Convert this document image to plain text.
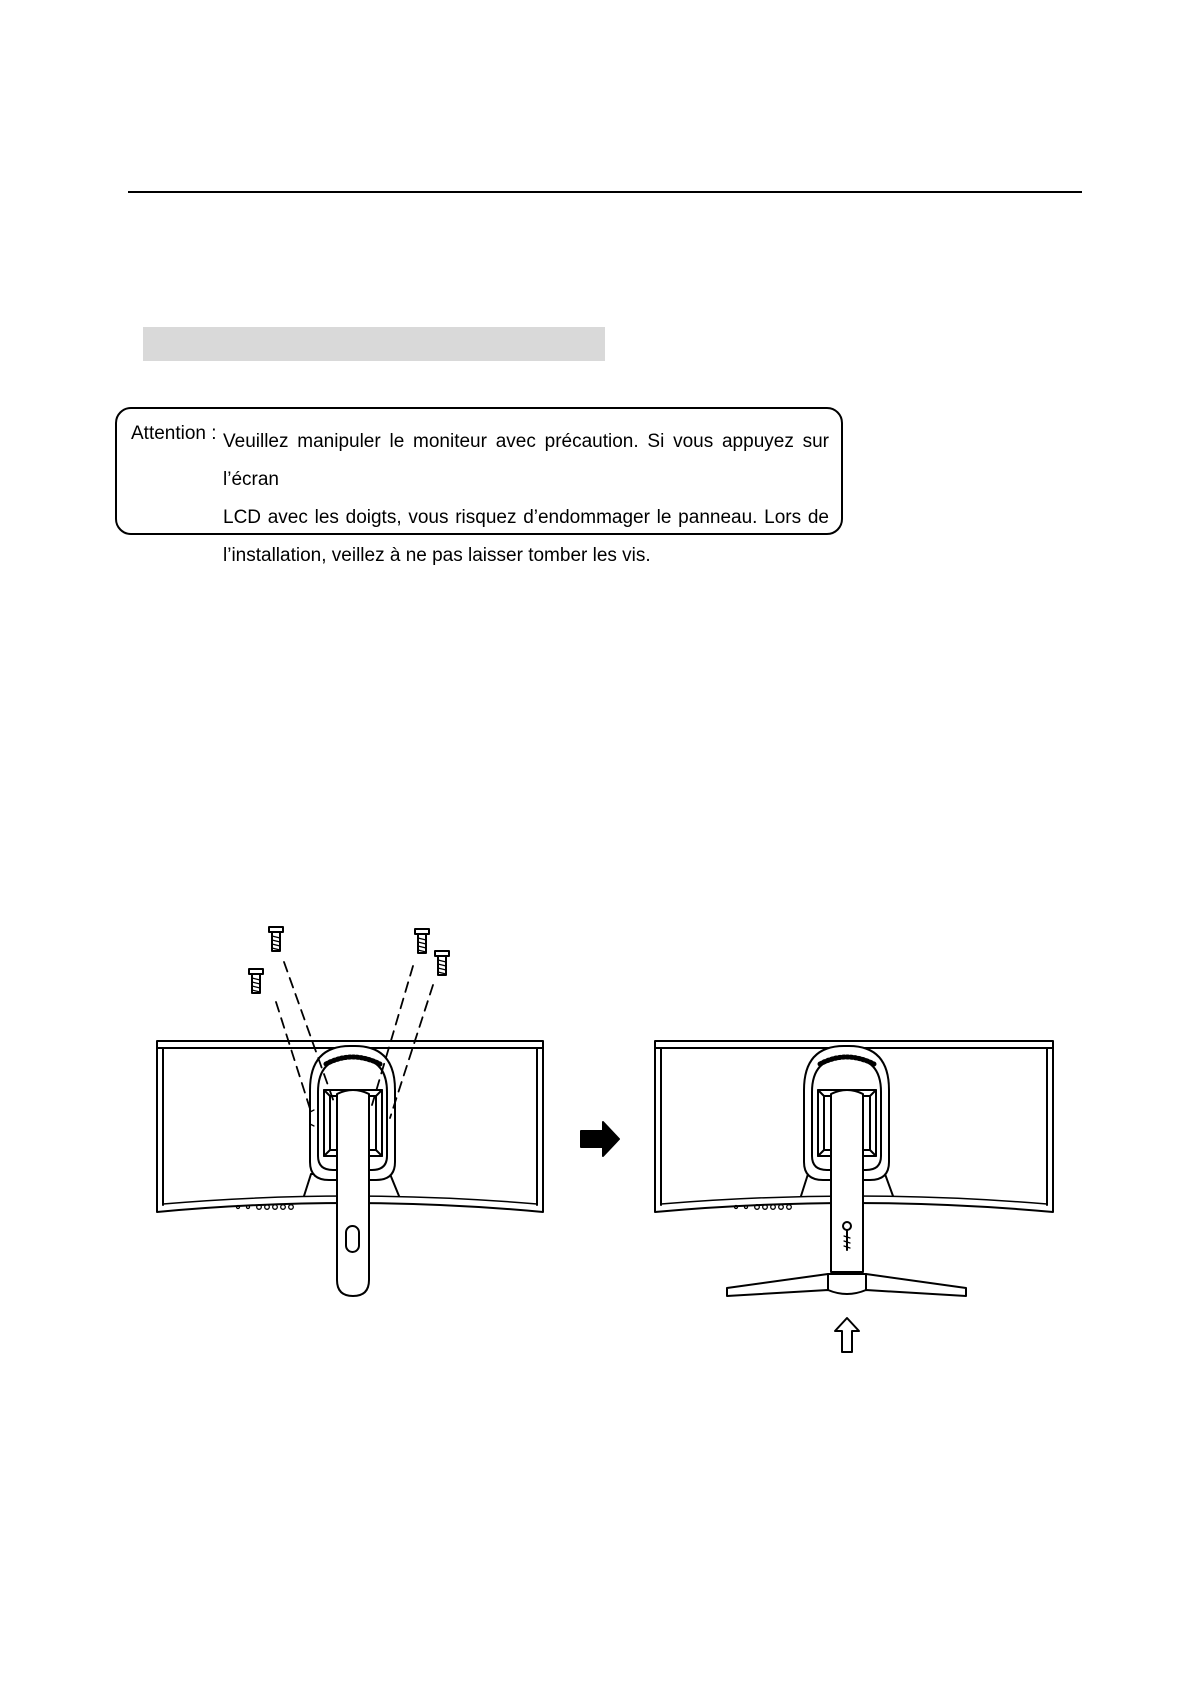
Attention : Veuillez manipuler le moniteur avec précaution. Si vous appuyez sur l’écran
LCD avec les doigts, vous risquez d’endommager le panneau. Lors de
l’installation, veillez à ne pas laisser tomber les vis.
